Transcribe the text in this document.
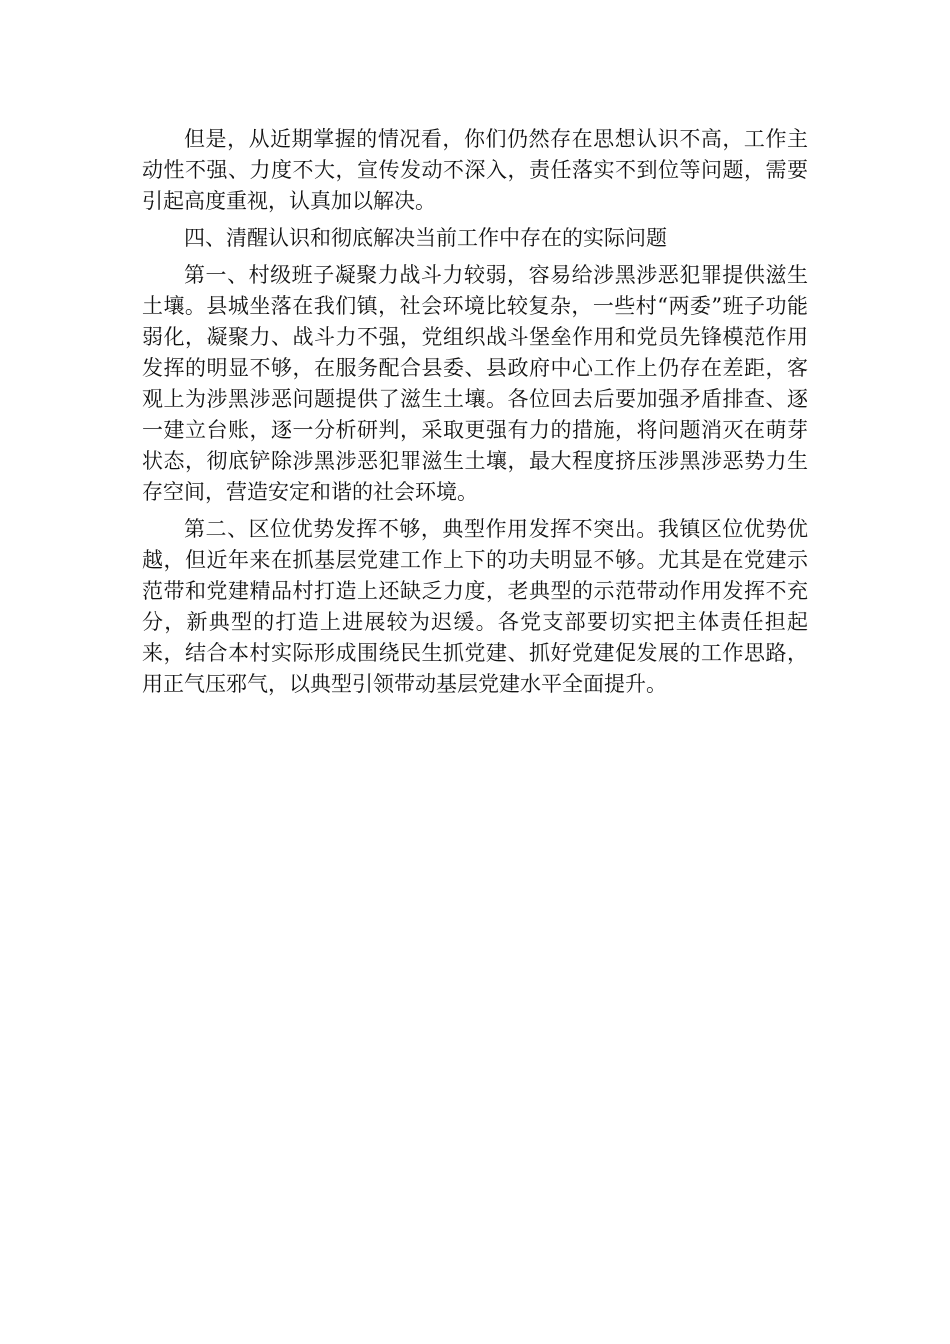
但是，从近期掌握的情况看，你们仍然存在思想认识不高，工作主动性不强、力度不大，宣传发动不深入，责任落实不到位等问题，需要引起高度重视，认真加以解决。

四、清醒认识和彻底解决当前工作中存在的实际问题

第一、村级班子凝聚力战斗力较弱，容易给涉黑涉恶犯罪提供滋生土壤。县城坐落在我们镇，社会环境比较复杂，一些村“两委”班子功能弱化，凝聚力、战斗力不强，党组织战斗堡垒作用和党员先锋模范作用发挥的明显不够，在服务配合县委、县政府中心工作上仍存在差距，客观上为涉黑涉恶问题提供了滋生土壤。各位回去后要加强矛盾排查、逐一建立台账，逐一分析研判，采取更强有力的措施，将问题消灭在萌芽状态，彻底铲除涉黑涉恶犯罪滋生土壤，最大程度挤压涉黑涉恶势力生存空间，营造安定和谐的社会环境。

第二、区位优势发挥不够，典型作用发挥不突出。我镇区位优势优越，但近年来在抓基层党建工作上下的功夫明显不够。尤其是在党建示范带和党建精品村打造上还缺乏力度，老典型的示范带动作用发挥不充分，新典型的打造上进展较为迟缓。各党支部要切实把主体责任担起来，结合本村实际形成围绕民生抓党建、抓好党建促发展的工作思路，用正气压邪气，以典型引领带动基层党建水平全面提升。
